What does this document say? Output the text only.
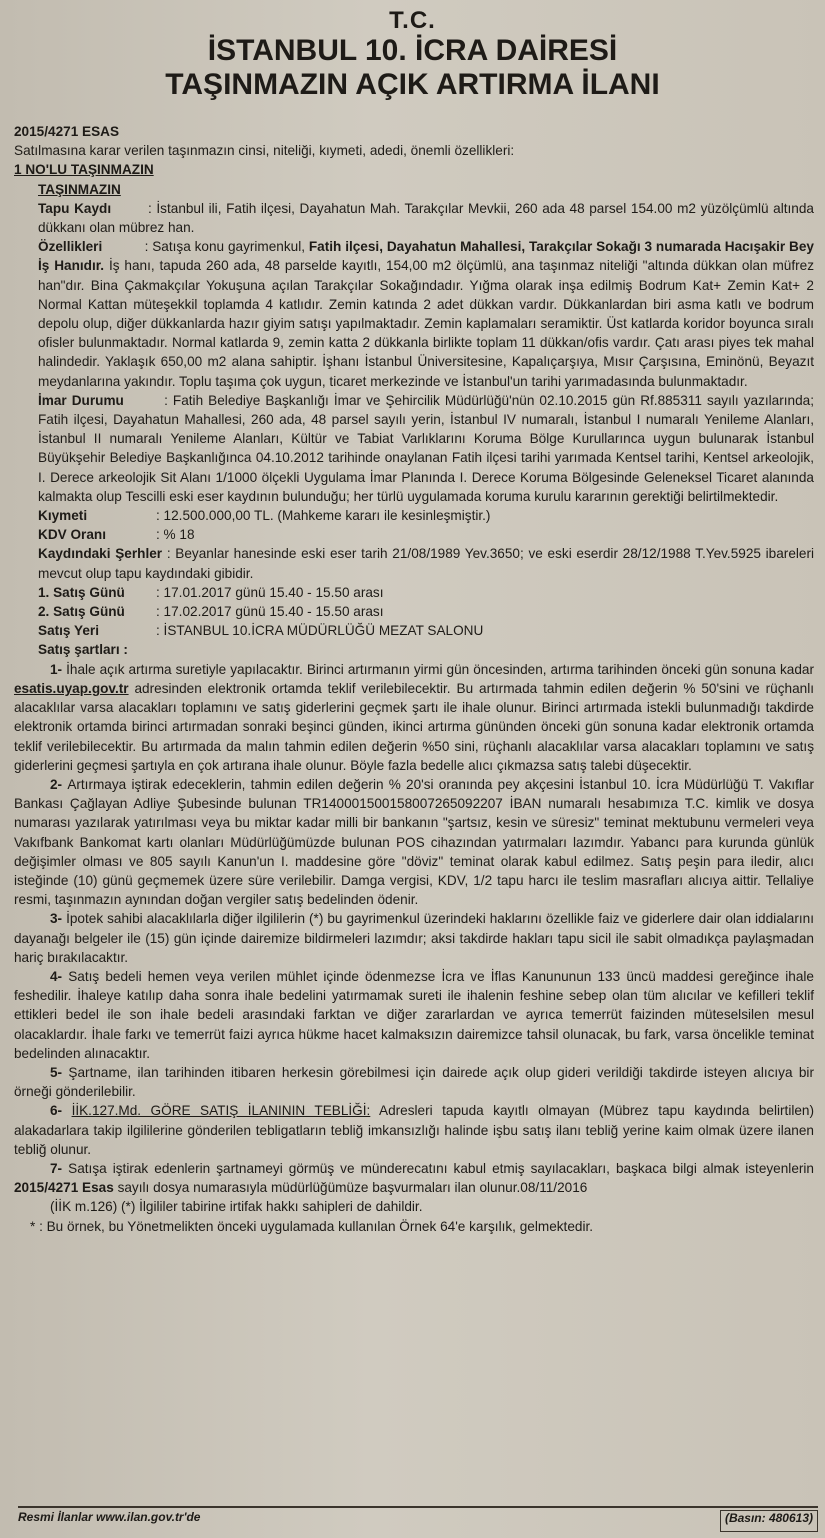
T.C.
İSTANBUL 10. İCRA DAİRESİ
TAŞINMAZIN AÇIK ARTIRMA İLANI

2015/4271 ESAS

Satılmasına karar verilen taşınmazın cinsi, niteliği, kıymeti, adedi, önemli özellikleri:

1 NO'LU TAŞINMAZIN

TAŞINMAZIN

Tapu Kaydı	: İstanbul ili, Fatih ilçesi, Dayahatun Mah. Tarakçılar Mevkii, 260 ada 48 parsel 154.00 m2 yüzölçümlü altında dükkanı olan mübrez han.

Özellikleri	: Satışa konu gayrimenkul, Fatih ilçesi, Dayahatun Mahallesi, Tarakçılar Sokağı 3 numarada Hacışakir Bey İş Hanıdır. İş hanı, tapuda 260 ada, 48 parselde kayıtlı, 154,00 m2 ölçümlü, ana taşınmaz niteliği "altında dükkan olan müfrez han"dır. Bina Çakmakçılar Yokuşuna açılan Tarakçılar Sokağındadır. Yığma olarak inşa edilmiş Bodrum Kat+ Zemin Kat+ 2 Normal Kattan müteşekkil toplamda 4 katlıdır. Zemin katında 2 adet dükkan vardır. Dükkanlardan biri asma katlı ve bodrum depolu olup, diğer dükkanlarda hazır giyim satışı yapılmaktadır. Zemin kaplamaları seramiktir. Üst katlarda koridor boyunca sıralı ofisler bulunmaktadır. Normal katlarda 9, zemin katta 2 dükkanla birlikte toplam 11 dükkan/ofis vardır. Çatı arası piyes tek mahal halindedir. Yaklaşık 650,00 m2 alana sahiptir. İşhanı İstanbul Üniversitesine, Kapalıçarşıya, Mısır Çarşısına, Eminönü, Beyazıt meydanlarına yakındır. Toplu taşıma çok uygun, ticaret merkezinde ve İstanbul'un tarihi yarımadasında bulunmaktadır.

İmar Durumu	: Fatih Belediye Başkanlığı İmar ve Şehircilik Müdürlüğü'nün 02.10.2015 gün Rf.885311 sayılı yazılarında; Fatih ilçesi, Dayahatun Mahallesi, 260 ada, 48 parsel sayılı yerin, İstanbul IV numaralı, İstanbul I numaralı Yenileme Alanları, İstanbul II numaralı Yenileme Alanları, Kültür ve Tabiat Varlıklarını Koruma Bölge Kurullarınca uygun bulunarak İstanbul Büyükşehir Belediye Başkanlığınca 04.10.2012 tarihinde onaylanan Fatih ilçesi tarihi yarımada Kentsel tarihi, Kentsel arkeolojik, I. Derece arkeolojik Sit Alanı 1/1000 ölçekli Uygulama İmar Planında I. Derece Koruma Bölgesinde Geleneksel Ticaret alanında kalmakta olup Tescilli eski eser kaydının bulunduğu; her türlü uygulamada koruma kurulu kararının gerektiği belirtilmektedir.

Kıymeti	: 12.500.000,00 TL. (Mahkeme kararı ile kesinleşmiştir.)
KDV Oranı	: % 18

Kaydındaki Şerhler : Beyanlar hanesinde eski eser tarih 21/08/1989 Yev.3650; ve eski eserdir 28/12/1988 T.Yev.5925 ibareleri mevcut olup tapu kaydındaki gibidir.

1. Satış Günü	: 17.01.2017 günü 15.40 - 15.50 arası
2. Satış Günü	: 17.02.2017 günü 15.40 - 15.50 arası
Satış Yeri	: İSTANBUL 10.İCRA MÜDÜRLÜĞÜ MEZAT SALONU

Satış şartları :

1- İhale açık artırma suretiyle yapılacaktır. Birinci artırmanın yirmi gün öncesinden, artırma tarihinden önceki gün sonuna kadar esatis.uyap.gov.tr adresinden elektronik ortamda teklif verilebilecektir. Bu artırmada tahmin edilen değerin % 50'sini ve rüçhanlı alacaklılar varsa alacakları toplamını ve satış giderlerini geçmek şartı ile ihale olunur. Birinci artırmada istekli bulunmadığı takdirde elektronik ortamda birinci artırmadan sonraki beşinci günden, ikinci artırma gününden önceki gün sonuna kadar elektronik ortamda teklif verilebilecektir. Bu artırmada da malın tahmin edilen değerin %50 sini, rüçhanlı alacaklılar varsa alacakları toplamını ve satış giderlerini geçmesi şartıyla en çok artırana ihale olunur. Böyle fazla bedelle alıcı çıkmazsa satış talebi düşecektir.

2- Artırmaya iştirak edeceklerin, tahmin edilen değerin % 20'si oranında pey akçesini İstanbul 10. İcra Müdürlüğü T. Vakıflar Bankası Çağlayan Adliye Şubesinde bulunan TR140001500158007265092207 İBAN numaralı hesabımıza T.C. kimlik ve dosya numarası yazılarak yatırılması veya bu miktar kadar milli bir bankanın "şartsız, kesin ve süresiz" teminat mektubunu vermeleri veya Vakıfbank Bankomat kartı olanları Müdürlüğümüzde bulunan POS cihazından yatırmaları lazımdır. Yabancı para kurunda günlük değişimler olması ve 805 sayılı Kanun'un I. maddesine göre "döviz" teminat olarak kabul edilmez. Satış peşin para iledir, alıcı isteğinde (10) günü geçmemek üzere süre verilebilir. Damga vergisi, KDV, 1/2 tapu harcı ile teslim masrafları alıcıya aittir. Tellaliye resmi, taşınmazın aynından doğan vergiler satış bedelinden ödenir.

3- İpotek sahibi alacaklılarla diğer ilgililerin (*) bu gayrimenkul üzerindeki haklarını özellikle faiz ve giderlere dair olan iddialarını dayanağı belgeler ile (15) gün içinde dairemize bildirmeleri lazımdır; aksi takdirde hakları tapu sicil ile sabit olmadıkça paylaşmadan hariç bırakılacaktır.

4- Satış bedeli hemen veya verilen mühlet içinde ödenmezse İcra ve İflas Kanununun 133 üncü maddesi gereğince ihale feshedilir. İhaleye katılıp daha sonra ihale bedelini yatırmamak sureti ile ihalenin feshine sebep olan tüm alıcılar ve kefilleri teklif ettikleri bedel ile son ihale bedeli arasındaki farktan ve diğer zararlardan ve ayrıca temerrüt faizinden müteselsilen mesul olacaklardır. İhale farkı ve temerrüt faizi ayrıca hükme hacet kalmaksızın dairemizce tahsil olunacak, bu fark, varsa öncelikle teminat bedelinden alınacaktır.

5- Şartname, ilan tarihinden itibaren herkesin görebilmesi için dairede açık olup gideri verildiği takdirde isteyen alıcıya bir örneği gönderilebilir.

6- İİK.127.Md. GÖRE SATIŞ İLANININ TEBLİĞİ: Adresleri tapuda kayıtlı olmayan (Mübrez tapu kaydında belirtilen) alakadarlara takip ilgililerine gönderilen tebligatların tebliğ imkansızlığı halinde işbu satış ilanı tebliğ yerine kaim olmak üzere ilanen tebliğ olunur.

7- Satışa iştirak edenlerin şartnameyi görmüş ve münderecatını kabul etmiş sayılacakları, başkaca bilgi almak isteyenlerin 2015/4271 Esas sayılı dosya numarasıyla müdürlüğümüze başvurmaları ilan olunur.08/11/2016

(İİK m.126) (*) İlgililer tabirine irtifak hakkı sahipleri de dahildir.

* : Bu örnek, bu Yönetmelikten önceki uygulamada kullanılan Örnek 64'e karşılık, gelmektedir.

Resmi İlanlar www.ilan.gov.tr'de	(Basın: 480613)
